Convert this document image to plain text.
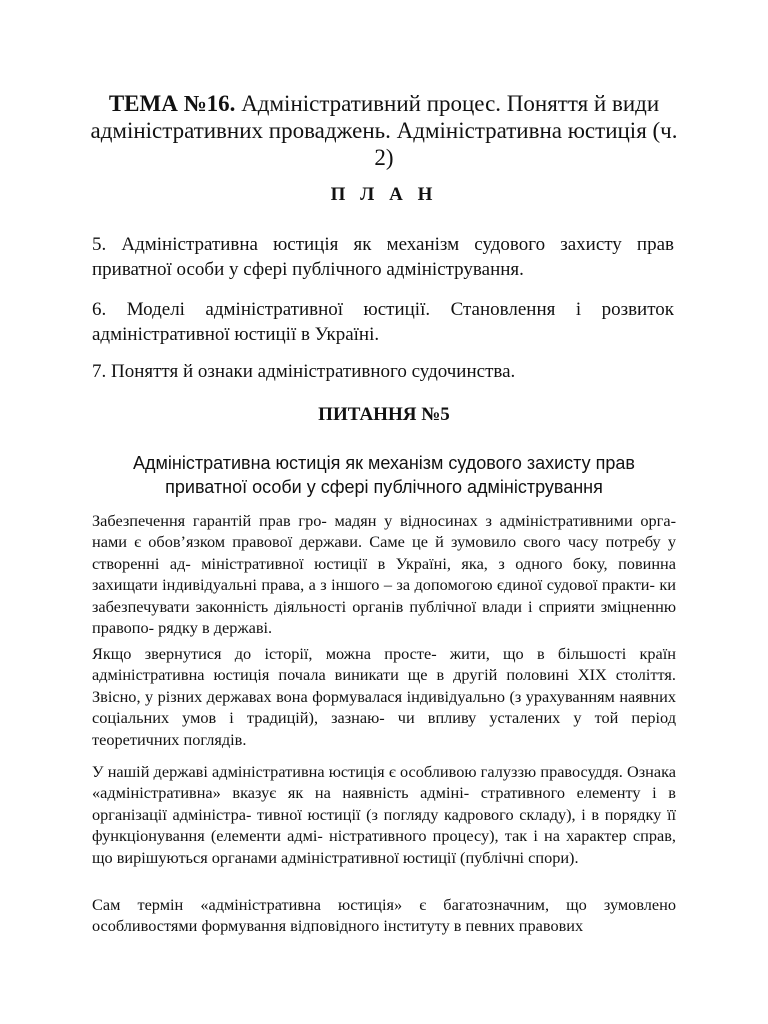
ТЕМА №16. Адміністративний процес. Поняття й види адміністративних проваджень. Адміністративна юстиція (ч. 2)
П Л А Н
5. Адміністративна юстиція як механізм судового захисту прав приватної особи у сфері публічного адміністрування.
6. Моделі адміністративної юстиції. Становлення і розвиток адміністративної юстиції в Україні.
7. Поняття й ознаки адміністративного судочинства.
ПИТАННЯ №5
Адміністративна юстиція як механізм судового захисту прав приватної особи у сфері публічного адміністрування
Забезпечення гарантій прав гро- мадян у відносинах з адміністративними орга- нами є обов’язком правової держави. Саме це й зумовило свого часу потребу у створенні ад- міністративної юстиції в Україні, яка, з одного боку, повинна захищати індивідуальні права, а з іншого – за допомогою єдиної судової практи- ки забезпечувати законність діяльності органів публічної влади і сприяти зміцненню правопо- рядку в державі.
Якщо звернутися до історії, можна просте- жити, що в більшості країн адміністративна юстиція почала виникати ще в другій половині XIX століття. Звісно, у різних державах вона формувалася індивідуально (з урахуванням наявних соціальних умов і традицій), зазнаю- чи впливу усталених у той період теоретичних поглядів.
У нашій державі адміністративна юстиція є особливою галуззю правосуддя. Ознака «адміністративна» вказує як на наявність адміні- стративного елементу і в організації адміністра- тивної юстиції (з погляду кадрового складу), і в порядку її функціонування (елементи адмі- ністративного процесу), так і на характер справ, що вирішуються органами адміністративної юстиції (публічні спори).
Сам термін «адміністративна юстиція» є багатозначним, що зумовлено особливостями формування відповідного інституту в певних правових
